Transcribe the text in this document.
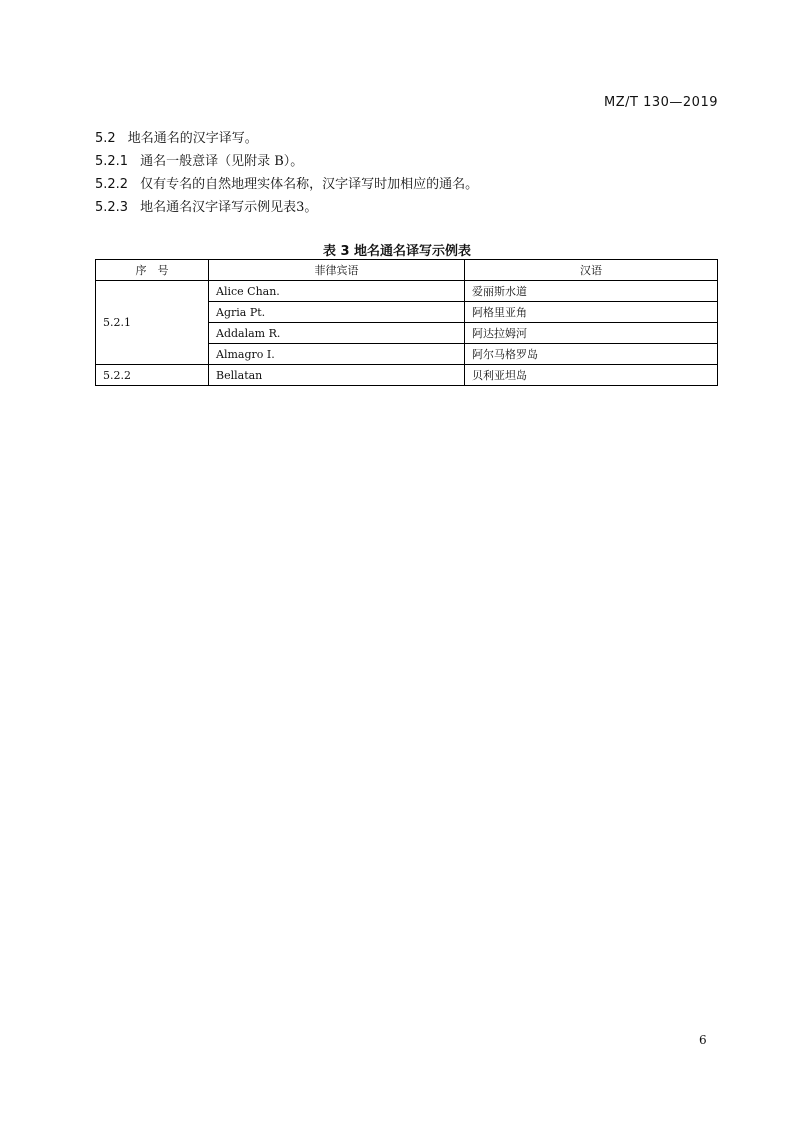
MZ/T 130—2019
5.2 地名通名的汉字译写。
5.2.1 通名一般意译（见附录 B）。
5.2.2 仅有专名的自然地理实体名称，汉字译写时加相应的通名。
5.2.3 地名通名汉字译写示例见表3。
表 3 地名通名译写示例表
序　号	菲律宾语	汉语
5.2.1	Alice Chan.	爱丽斯水道
	Agria Pt.	阿格里亚角
	Addalam R.	阿达拉姆河
	Almagro I.	阿尔马格罗岛
5.2.2	Bellatan	贝利亚坦岛
6
